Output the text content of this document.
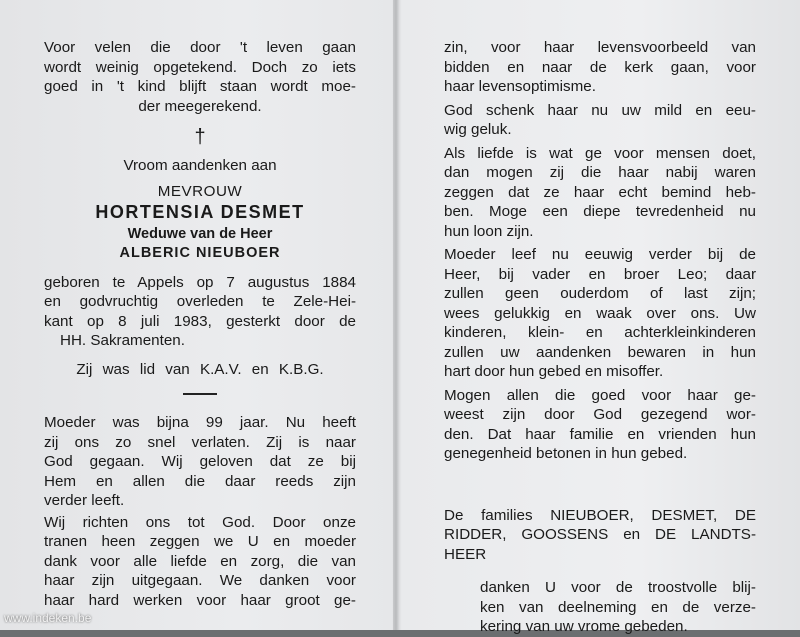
Voor velen die door 't leven gaan
wordt weinig opgetekend. Doch zo iets
goed in 't kind blijft staan wordt moe-
der meegerekend.

†

Vroom aandenken aan

MEVROUW

HORTENSIA DESMET

Weduwe van de Heer

ALBERIC NIEUBOER

geboren te Appels op 7 augustus 1884
en godvruchtig overleden te Zele-Hei-
kant op 8 juli 1983, gesterkt door de
HH. Sakramenten.

Zij was lid van K.A.V. en K.B.G.

Moeder was bijna 99 jaar. Nu heeft
zij ons zo snel verlaten. Zij is naar
God gegaan. Wij geloven dat ze bij
Hem en allen die daar reeds zijn
verder leeft.
Wij richten ons tot God. Door onze
tranen heen zeggen we U en moeder
dank voor alle liefde en zorg, die van
haar zijn uitgegaan. We danken voor
haar hard werken voor haar groot ge-
zin, voor haar levensvoorbeeld van
bidden en naar de kerk gaan, voor
haar levensoptimisme.
God schenk haar nu uw mild en eeu-
wig geluk.
Als liefde is wat ge voor mensen doet,
dan mogen zij die haar nabij waren
zeggen dat ze haar echt bemind heb-
ben. Moge een diepe tevredenheid nu
hun loon zijn.
Moeder leef nu eeuwig verder bij de
Heer, bij vader en broer Leo; daar
zullen geen ouderdom of last zijn;
wees gelukkig en waak over ons. Uw
kinderen, klein- en achterkleinkinderen
zullen uw aandenken bewaren in hun
hart door hun gebed en misoffer.
Mogen allen die goed voor haar ge-
weest zijn door God gezegend wor-
den. Dat haar familie en vrienden hun
genegenheid betonen in hun gebed.
De families NIEUBOER, DESMET, DE
RIDDER, GOOSSENS en DE LANDTS-
HEER
danken U voor de troostvolle blij-
ken van deelneming en de verze-
kering van uw vrome gebeden.
www.indeken.be
